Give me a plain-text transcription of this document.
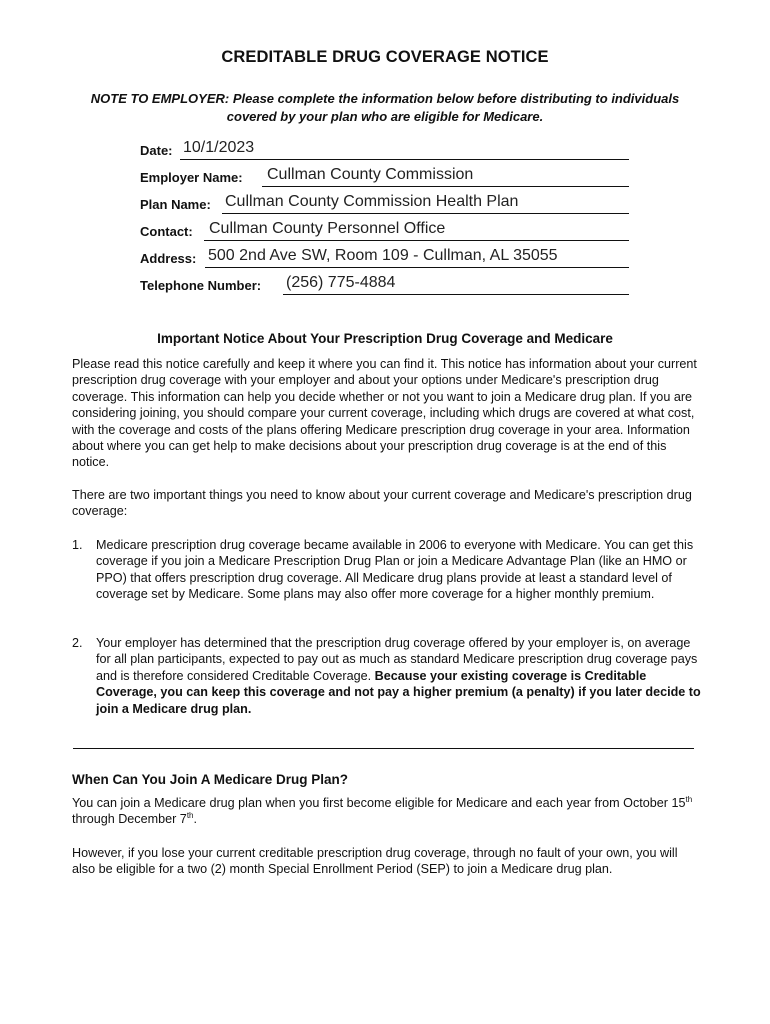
CREDITABLE DRUG COVERAGE NOTICE
NOTE TO EMPLOYER: Please complete the information below before distributing to individuals covered by your plan who are eligible for Medicare.
Date: 10/1/2023
Employer Name: Cullman County Commission
Plan Name: Cullman County Commission Health Plan
Contact: Cullman County Personnel Office
Address: 500 2nd Ave SW, Room 109 - Cullman, AL 35055
Telephone Number: (256) 775-4884
Important Notice About Your Prescription Drug Coverage and Medicare
Please read this notice carefully and keep it where you can find it. This notice has information about your current prescription drug coverage with your employer and about your options under Medicare's prescription drug coverage. This information can help you decide whether or not you want to join a Medicare drug plan. If you are considering joining, you should compare your current coverage, including which drugs are covered at what cost, with the coverage and costs of the plans offering Medicare prescription drug coverage in your area. Information about where you can get help to make decisions about your prescription drug coverage is at the end of this notice.
There are two important things you need to know about your current coverage and Medicare's prescription drug coverage:
1. Medicare prescription drug coverage became available in 2006 to everyone with Medicare. You can get this coverage if you join a Medicare Prescription Drug Plan or join a Medicare Advantage Plan (like an HMO or PPO) that offers prescription drug coverage. All Medicare drug plans provide at least a standard level of coverage set by Medicare. Some plans may also offer more coverage for a higher monthly premium.
2. Your employer has determined that the prescription drug coverage offered by your employer is, on average for all plan participants, expected to pay out as much as standard Medicare prescription drug coverage pays and is therefore considered Creditable Coverage. Because your existing coverage is Creditable Coverage, you can keep this coverage and not pay a higher premium (a penalty) if you later decide to join a Medicare drug plan.
When Can You Join A Medicare Drug Plan?
You can join a Medicare drug plan when you first become eligible for Medicare and each year from October 15th through December 7th.
However, if you lose your current creditable prescription drug coverage, through no fault of your own, you will also be eligible for a two (2) month Special Enrollment Period (SEP) to join a Medicare drug plan.
